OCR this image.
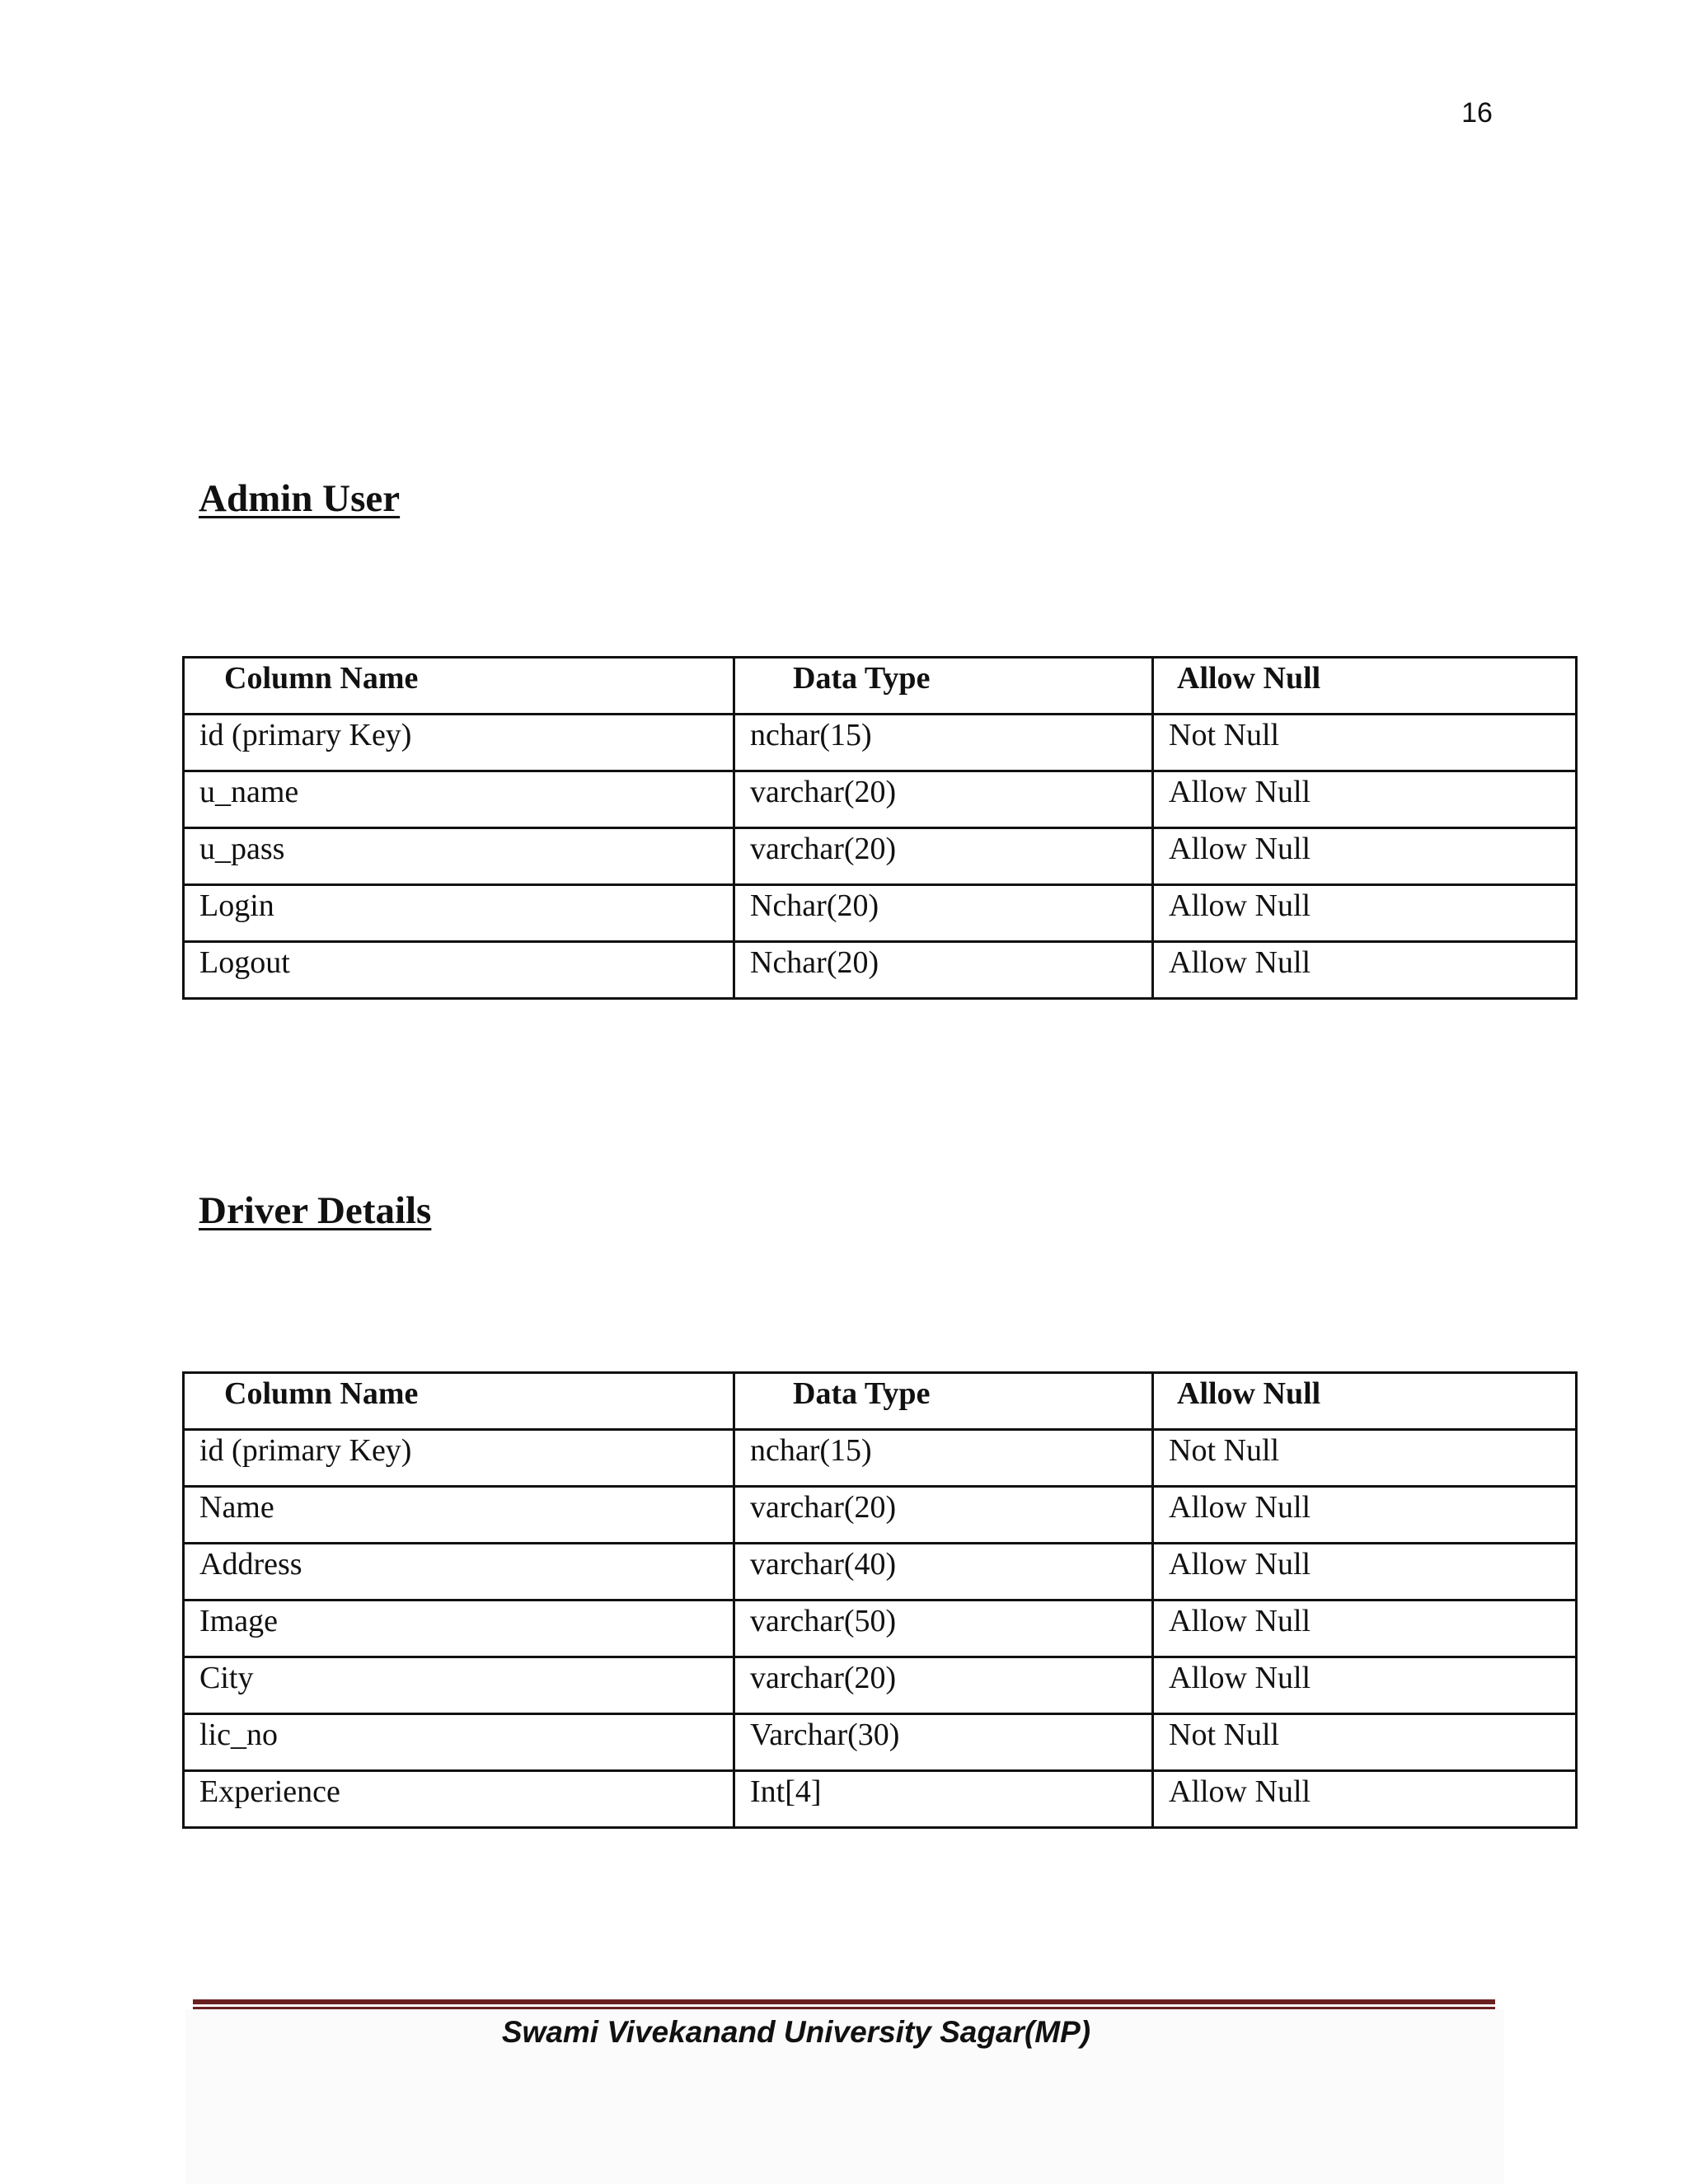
16
Admin User
Column Name	Data Type	Allow Null
id (primary Key)	nchar(15)	Not Null
u_name	varchar(20)	Allow Null
u_pass	varchar(20)	Allow Null
Login	Nchar(20)	Allow Null
Logout	Nchar(20)	Allow Null
Driver Details
Column Name	Data Type	Allow Null
id (primary Key)	nchar(15)	Not Null
Name	varchar(20)	Allow Null
Address	varchar(40)	Allow Null
Image	varchar(50)	Allow Null
City	varchar(20)	Allow Null
lic_no	Varchar(30)	Not Null
Experience	Int[4]	Allow Null
Swami Vivekanand University Sagar(MP)
